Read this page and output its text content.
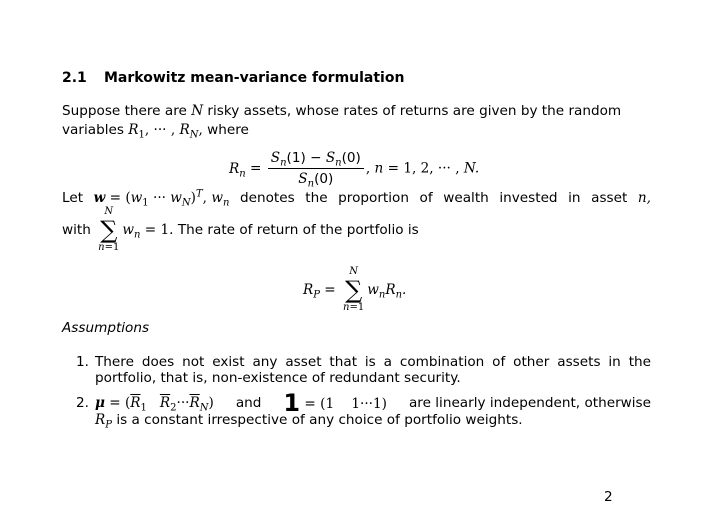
2.1 Markowitz mean-variance formulation
Suppose there are N risky assets, whose rates of returns are given by the random
variables $R_1$, ··· , $R_N$, where
$R_n = \frac{S_n(1) - S_n(0)}{S_n(0)}$ , n = 1, 2, ··· , N.
Let $w = (w_1$ ··· $w_N)^T$, $w_n$ denotes the proportion of wealth invested in asset n,
with
N
∑
n=1
$w_n = 1$. The rate of return of the portfolio is
$R_P$ =
N
∑
n=1
$w_nR_n$.
Assumptions
1. There does not exist any asset that is a combination of other assets in the
portfolio, that is, non-existence of redundant security.
2. $\mu = (\overline{R}_1$ $\overline{R}_2\cdot\cdot\cdot\overline{R}_N$) and 1 = (1    1···1) are linearly independent, otherwise
$R_P$ is a constant irrespective of any choice of portfolio weights.
2
